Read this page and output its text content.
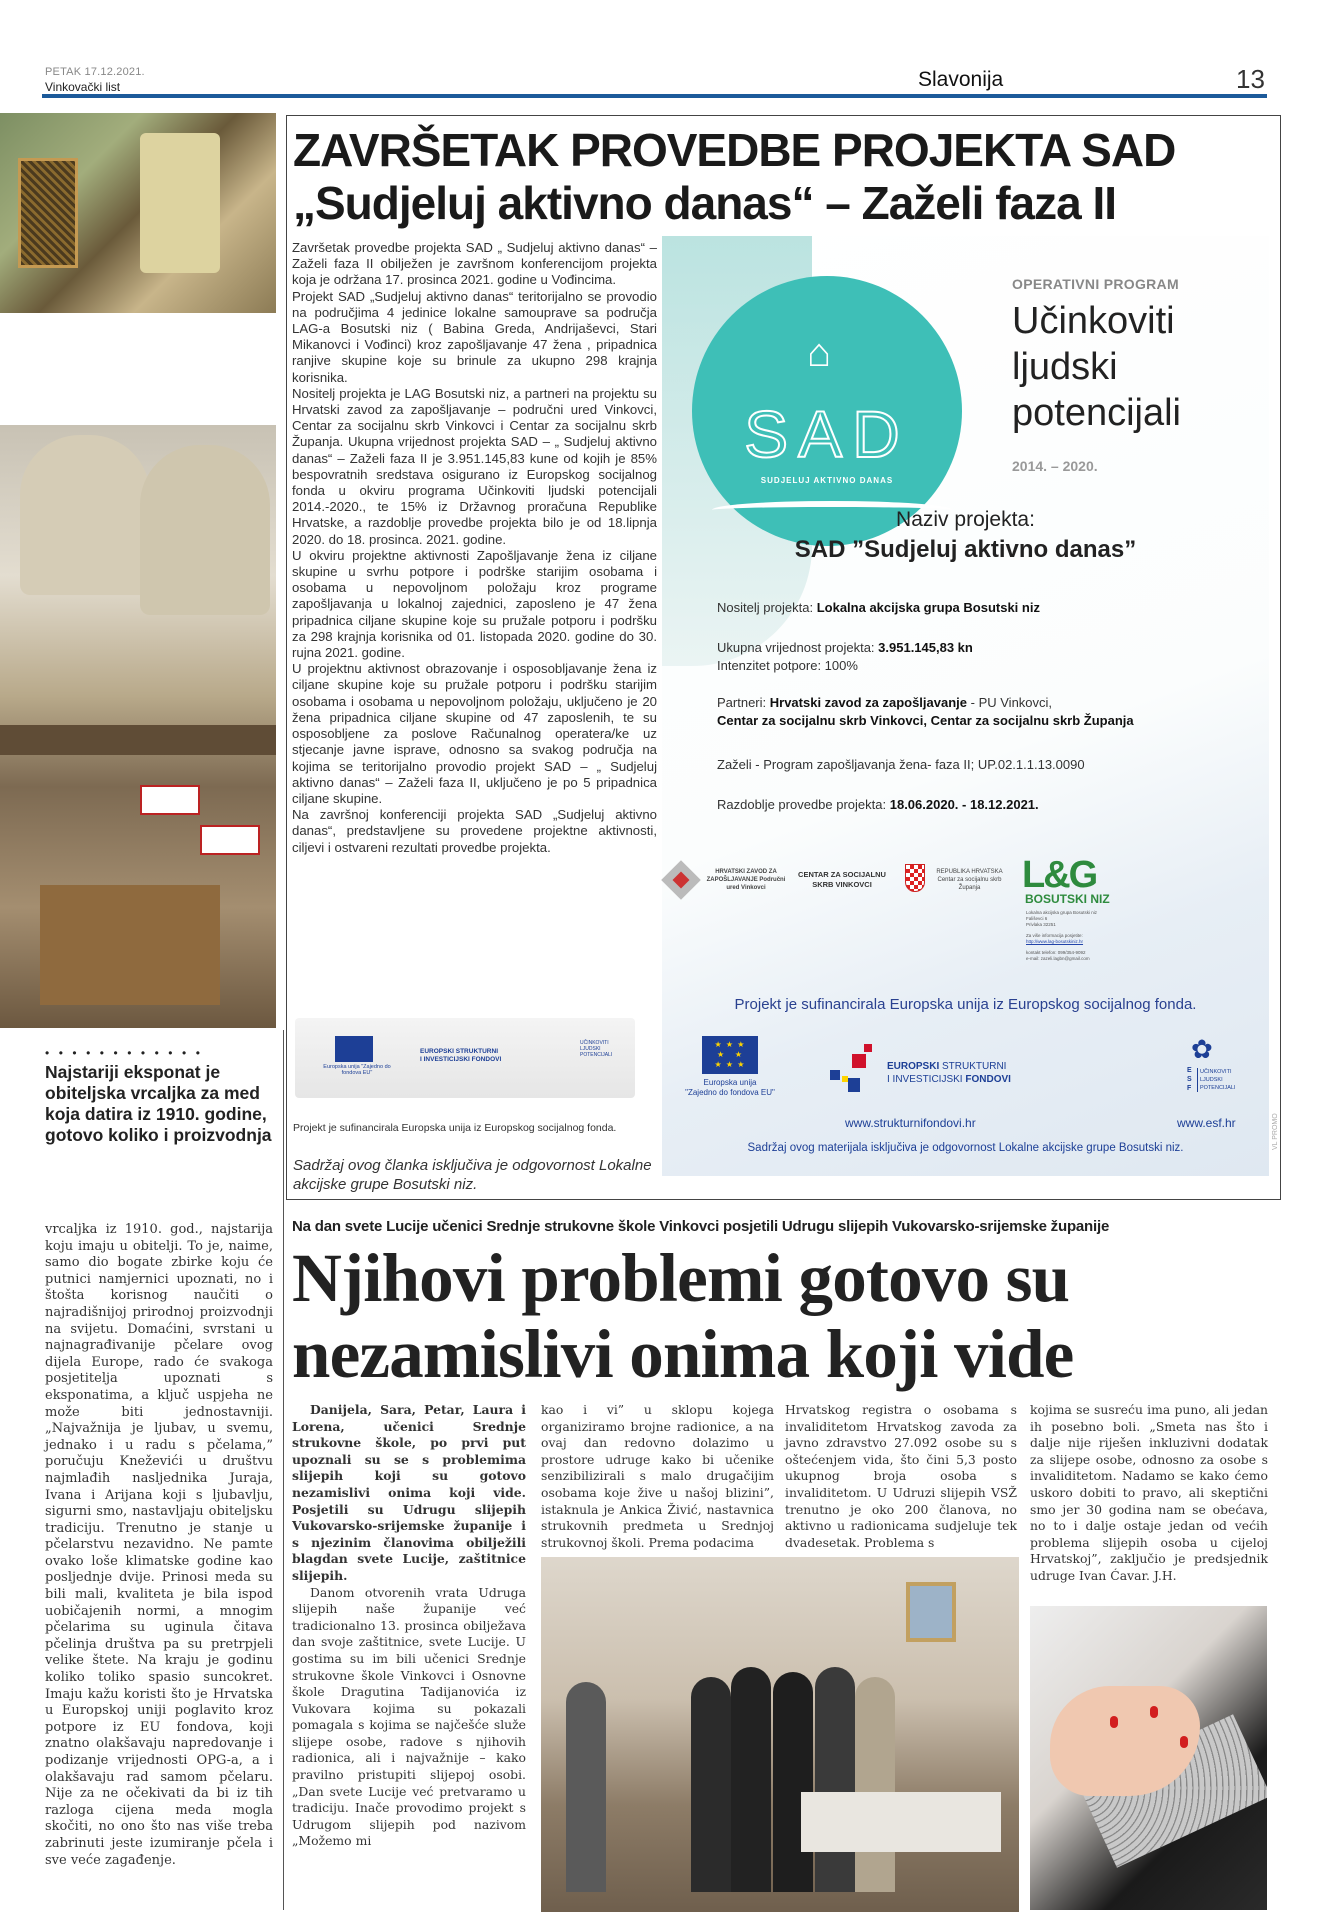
PETAK 17.12.2021.
Vinkovački list	Slavonija	13
••••••••••••
Najstariji eksponat je obiteljska vrcaljka za med koja datira iz 1910. godine, gotovo koliko i proizvodnja
vrcaljka iz 1910. god., najstarija koju imaju u obitelji. To je, naime, samo dio bogate zbirke koju će putnici namjernici upoznati, no i štošta korisnog naučiti o najradišnijoj prirodnoj proizvodnji na svijetu. Domaćini, svrstani u najnagrađivanije pčelare ovog dijela Europe, rado će svakoga posjetitelja upoznati s eksponatima, a ključ uspjeha ne može biti jednostavniji. „Najvažnija je ljubav, u svemu, jednako i u radu s pčelama,” poručuju Kneževići u društvu najmlađih nasljednika Juraja, Ivana i Arijana koji s ljubavlju, sigurni smo, nastavljaju obiteljsku tradiciju. Trenutno je stanje u pčelarstvu nezavidno. Ne pamte ovako loše klimatske godine kao posljednje dvije. Prinosi meda su bili mali, kvaliteta je bila ispod uobičajenih normi, a mnogim pčelarima su uginula čitava pčelinja društva pa su pretrpjeli velike štete. Na kraju je godinu koliko toliko spasio suncokret. Imaju kažu koristi što je Hrvatska u Europskoj uniji poglavito kroz potpore iz EU fondova, koji znatno olakšavaju napredovanje i podizanje vrijednosti OPG-a, a i olakšavaju rad samom pčelaru. Nije za ne očekivati da bi iz tih razloga cijena meda mogla skočiti, no ono što nas više treba zabrinuti jeste izumiranje pčela i sve veće zagađenje.
ZAVRŠETAK PROVEDBE PROJEKTA SAD
„Sudjeluj aktivno danas“ – Zaželi faza II

Završetak provedbe projekta SAD „ Sudjeluj aktivno danas“ – Zaželi faza II obilježen je završnom konferencijom projekta koja je održana 17. prosinca 2021. godine u Vođincima.

Projekt SAD „Sudjeluj aktivno danas“ teritorijalno se provodio na područjima 4 jedinice lokalne samouprave sa područja LAG-a Bosutski niz ( Babina Greda, Andrijaševci, Stari Mikanovci i Vođinci) kroz zapošljavanje 47 žena , pripadnica ranjive skupine koje su brinule za ukupno 298 krajnja korisnika.

Nositelj projekta je LAG Bosutski niz, a partneri na projektu su Hrvatski zavod za zapošljavanje – područni ured Vinkovci, Centar za socijalnu skrb Vinkovci i Centar za socijalnu skrb Županja. Ukupna vrijednost projekta SAD – „ Sudjeluj aktivno danas“ – Zaželi faza II je 3.951.145,83 kune od kojih je 85% bespovratnih sredstava osigurano iz Europskog socijalnog fonda u okviru programa Učinkoviti ljudski potencijali 2014.-2020., te 15% iz Državnog proračuna Republike Hrvatske, a razdoblje provedbe projekta bilo je od 18.lipnja 2020. do 18. prosinca. 2021. godine.

U okviru projektne aktivnosti Zapošljavanje žena iz ciljane skupine u svrhu potpore i podrške starijim osobama i osobama u nepovoljnom položaju kroz programe zapošljavanja u lokalnoj zajednici, zaposleno je 47 žena pripadnica ciljane skupine koje su pružale potporu i podršku za 298 krajnja korisnika od 01. listopada 2020. godine do 30. rujna 2021. godine.

U projektnu aktivnost obrazovanje i osposobljavanje žena iz ciljane skupine koje su pružale potporu i podršku starijim osobama i osobama u nepovoljnom položaju, uključeno je 20 žena pripadnica ciljane skupine od 47 zaposlenih, te su osposobljene za poslove Računalnog operatera/ke uz stjecanje javne isprave, odnosno sa svakog područja na kojima se teritorijalno provodio projekt SAD – „ Sudjeluj aktivno danas“ – Zaželi faza II, uključeno je po 5 pripadnica ciljane skupine.

Na završnoj konferenciji projekta SAD „Sudjeluj aktivno danas“, predstavljene su provedene projektne aktivnosti, ciljevi i ostvareni rezultati provedbe projekta.

Europska unija "Zajedno do fondova EU"
EUROPSKI STRUKTURNI
I INVESTICIJSKI FONDOVI
UČINKOVITI LJUDSKI POTENCIJALI
Projekt je sufinancirala Europska unija iz Europskog socijalnog fonda.
Sadržaj ovog članka isključiva je odgovornost Lokalne akcijske grupe Bosutski niz.
VL PROMO
⌂
SAD
SUDJELUJ AKTIVNO DANAS
OPERATIVNI PROGRAM
Učinkoviti
ljudski
potencijali
2014. – 2020.
Naziv projekta:
SAD ”Sudjeluj aktivno danas”
Nositelj projekta: Lokalna akcijska grupa Bosutski niz
Ukupna vrijednost projekta: 3.951.145,83 kn
Intenzitet potpore: 100%
Partneri: Hrvatski zavod za zapošljavanje - PU Vinkovci,
Centar za socijalnu skrb Vinkovci, Centar za socijalnu skrb Županja
Zaželi - Program zapošljavanja žena- faza II; UP.02.1.1.13.0090
Razdoblje provedbe projekta: 18.06.2020. - 18.12.2021.
HRVATSKI ZAVOD ZA ZAPOŠLJAVANJE Područni ured Vinkovci
CENTAR ZA SOCIJALNU SKRB VINKOVCI
REPUBLIKA HRVATSKA Centar za socijalnu skrb Županja	L&G
BOSUTSKI NIZ
Lokalna akcijska grupa Bosutski niz
Fališevci 6
Privlaka 32251
Za više informacija posjetite:
http://www.lag-bosutskiniz.hr
kontakt telefon: 099/354-9092
e-mail: zazeli.lagbn@gmail.com
Projekt je sufinancirala Europska unija iz Europskog socijalnog fonda.
★ ★ ★
★   ★
★ ★ ★
Europska unija
"Zajedno do fondova EU"
EUROPSKI STRUKTURNI
I INVESTICIJSKI FONDOVI
✿
E S F
UČINKOVITI
LJUDSKI
POTENCIJALI
www.strukturnifondovi.hr	www.esf.hr
Sadržaj ovog materijala isključiva je odgovornost Lokalne akcijske grupe Bosutski niz.
Na dan svete Lucije učenici Srednje strukovne škole Vinkovci posjetili Udrugu slijepih Vukovarsko-srijemske županije
Njihovi problemi gotovo su
nezamislivi onima koji vide
Danijela, Sara, Petar, Laura i Lorena, učenici Srednje strukovne škole, po prvi put upoznali su se s problemima slijepih koji su gotovo nezamislivi onima koji vide. Posjetili su Udrugu slijepih Vukovarsko-srijemske županije i s njezinim članovima obilježili blagdan svete Lucije, zaštitnice slijepih.
Danom otvorenih vrata Udruga slijepih naše županije već tradicionalno 13. prosinca obilježava dan svoje zaštitnice, svete Lucije. U gostima su im bili učenici Srednje strukovne škole Vinkovci i Osnovne škole Dragutina Tadijanovića iz Vukovara kojima su pokazali pomagala s kojima se najčešće služe slijepe osobe, radove s njihovih radionica, ali i najvažnije – kako pravilno pristupiti slijepoj osobi. „Dan svete Lucije već pretvaramo u tradiciju. Inače provodimo projekt s Udrugom slijepih pod nazivom „Možemo mi
kao i vi” u sklopu kojega organiziramo brojne radionice, a na ovaj dan redovno dolazimo u prostore udruge kako bi učenike senzibilizirali s malo drugačijim osobama koje žive u našoj blizini”, istaknula je Ankica Živić, nastavnica strukovnih predmeta u Srednjoj strukovnoj školi. Prema podacima
Hrvatskog registra o osobama s invaliditetom Hrvatskog zavoda za javno zdravstvo 27.092 osobe su s oštećenjem vida, što čini 5,3 posto ukupnog broja osoba s invaliditetom. U Udruzi slijepih VSŽ trenutno je oko 200 članova, no aktivno u radionicama sudjeluje tek dvadesetak. Problema s
kojima se susreću ima puno, ali jedan ih posebno boli. „Smeta nas što i dalje nije riješen inkluzivni dodatak za slijepe osobe, odnosno za osobe s invaliditetom. Nadamo se kako ćemo uskoro dobiti to pravo, ali skeptični smo jer 30 godina nam se obećava, no to i dalje ostaje jedan od većih problema slijepih osoba u cijeloj Hrvatskoj”, zaključio je predsjednik udruge Ivan Ćavar. J.H.
